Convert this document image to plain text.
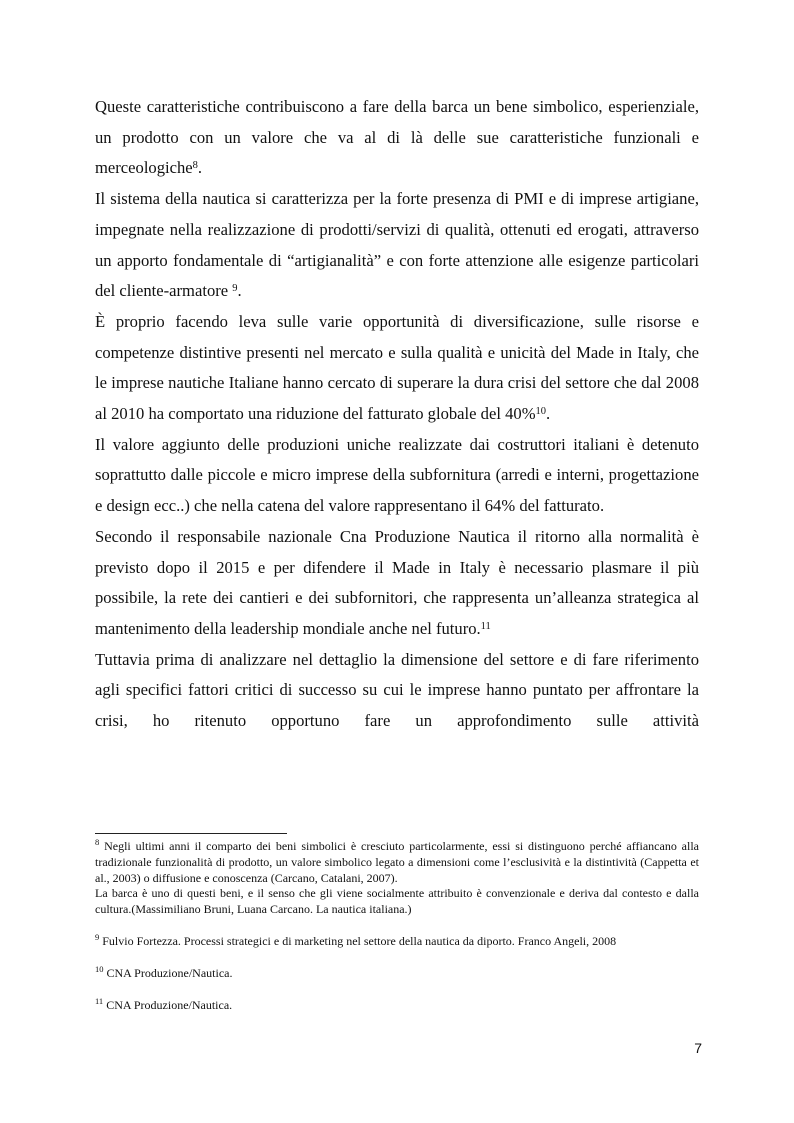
Queste caratteristiche contribuiscono a fare della barca un bene simbolico, esperienziale, un prodotto con un valore che va al di là delle sue caratteristiche funzionali e merceologiche$^8$.

Il sistema della nautica si caratterizza per la forte presenza di PMI e di imprese artigiane, impegnate nella realizzazione di prodotti/servizi di qualità, ottenuti ed erogati, attraverso un apporto fondamentale di “artigianalità” e con forte attenzione alle esigenze particolari del cliente-armatore $^9$.

È proprio facendo leva sulle varie opportunità di diversificazione, sulle risorse e competenze distintive presenti nel mercato e sulla qualità e unicità del Made in Italy, che le imprese nautiche Italiane hanno cercato di superare la dura crisi del settore che dal 2008 al 2010 ha comportato una riduzione del fatturato globale del 40%$^{10}$.

Il valore aggiunto delle produzioni uniche realizzate dai costruttori italiani è detenuto soprattutto dalle piccole e micro imprese della subfornitura (arredi e interni, progettazione e design ecc..) che nella catena del valore rappresentano il 64% del fatturato.

Secondo il responsabile nazionale Cna Produzione Nautica il ritorno alla normalità è previsto dopo il 2015 e per difendere il Made in Italy è necessario plasmare il più possibile, la rete dei cantieri e dei subfornitori, che rappresenta un’alleanza strategica al mantenimento della leadership mondiale anche nel futuro.$^{11}$

Tuttavia prima di analizzare nel dettaglio la dimensione del settore e di fare riferimento agli specifici fattori critici di successo su cui le imprese hanno puntato per affrontare la crisi, ho ritenuto opportuno fare un approfondimento sulle attività

$^8$ Negli ultimi anni il comparto dei beni simbolici è cresciuto particolarmente, essi si distinguono perché affiancano alla tradizionale funzionalità di prodotto, un valore simbolico legato a dimensioni come l’esclusività e la distintività (Cappetta et al., 2003) o diffusione e conoscenza (Carcano, Catalani, 2007).
La barca è uno di questi beni, e il senso che gli viene socialmente attribuito è convenzionale e deriva dal contesto e dalla cultura.(Massimiliano Bruni, Luana Carcano. La nautica italiana.)
$^9$ Fulvio Fortezza. Processi strategici e di marketing nel settore della nautica da diporto. Franco Angeli, 2008
$^{10}$ CNA Produzione/Nautica.
$^{11}$ CNA Produzione/Nautica.
7
